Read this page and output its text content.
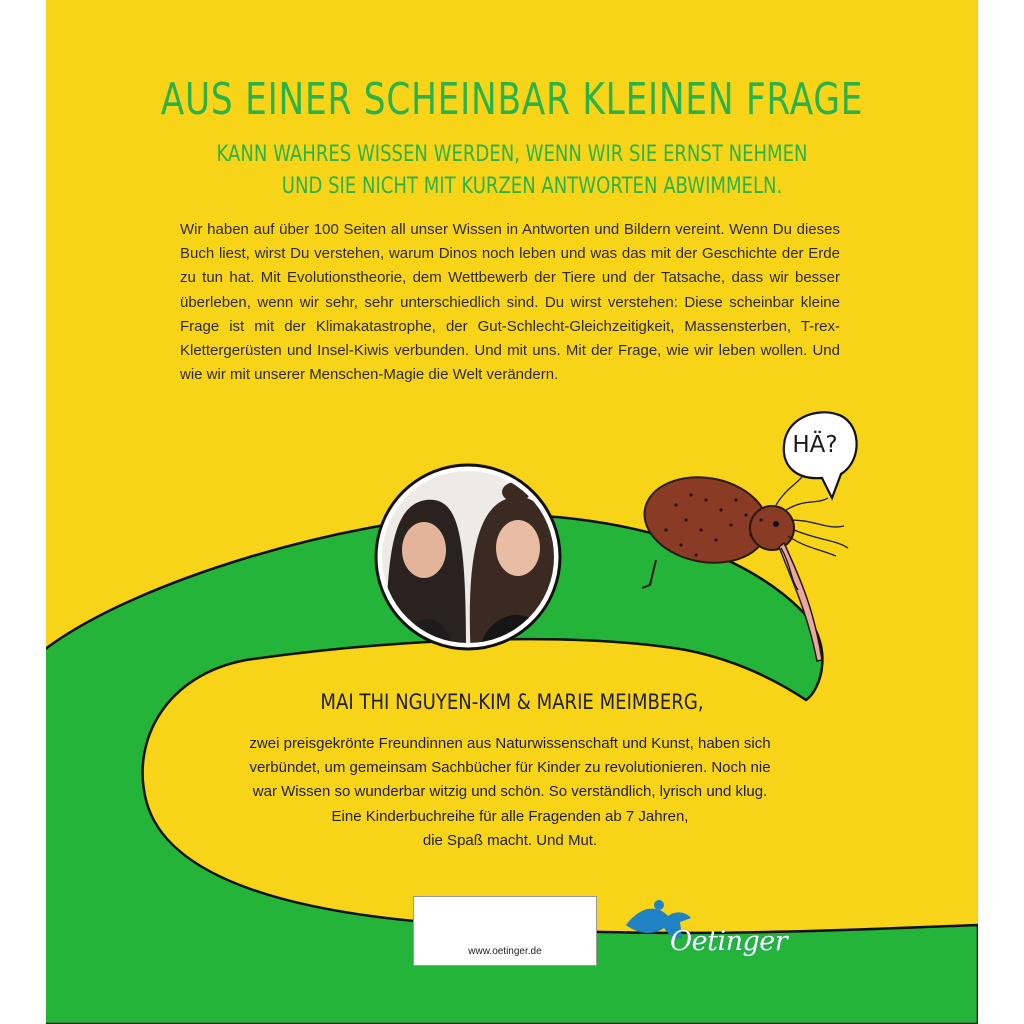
AUS EINER SCHEINBAR KLEINEN FRAGE

KANN WAHRES WISSEN WERDEN, WENN WIR SIE ERNST NEHMEN

UND SIE NICHT MIT KURZEN ANTWORTEN ABWIMMELN.

Wir haben auf über 100 Seiten all unser Wissen in Antworten und Bildern vereint. Wenn Du dieses Buch liest, wirst Du verstehen, warum Dinos noch leben und was das mit der Geschichte der Erde zu tun hat. Mit Evolutionstheorie, dem Wettbewerb der Tiere und der Tatsache, dass wir besser überleben, wenn wir sehr, sehr unterschiedlich sind. Du wirst verstehen: Diese scheinbar kleine Frage ist mit der Klimakatastrophe, der Gut-Schlecht-Gleichzeitigkeit, Massensterben, T-rex-Klettergerüsten und Insel-Kiwis verbunden. Und mit uns. Mit der Frage, wie wir leben wollen. Und wie wir mit unserer Menschen-Magie die Welt verändern.

HÄ?

MAI THI NGUYEN-KIM & MARIE MEIMBERG,

zwei preisgekrönte Freundinnen aus Naturwissenschaft und Kunst, haben sich
verbündet, um gemeinsam Sachbücher für Kinder zu revolutionieren. Noch nie
war Wissen so wunderbar witzig und schön. So verständlich, lyrisch und klug.
Eine Kinderbuchreihe für alle Fragenden ab 7 Jahren,
die Spaß macht. Und Mut.
www.oetinger.de	Oetinger
